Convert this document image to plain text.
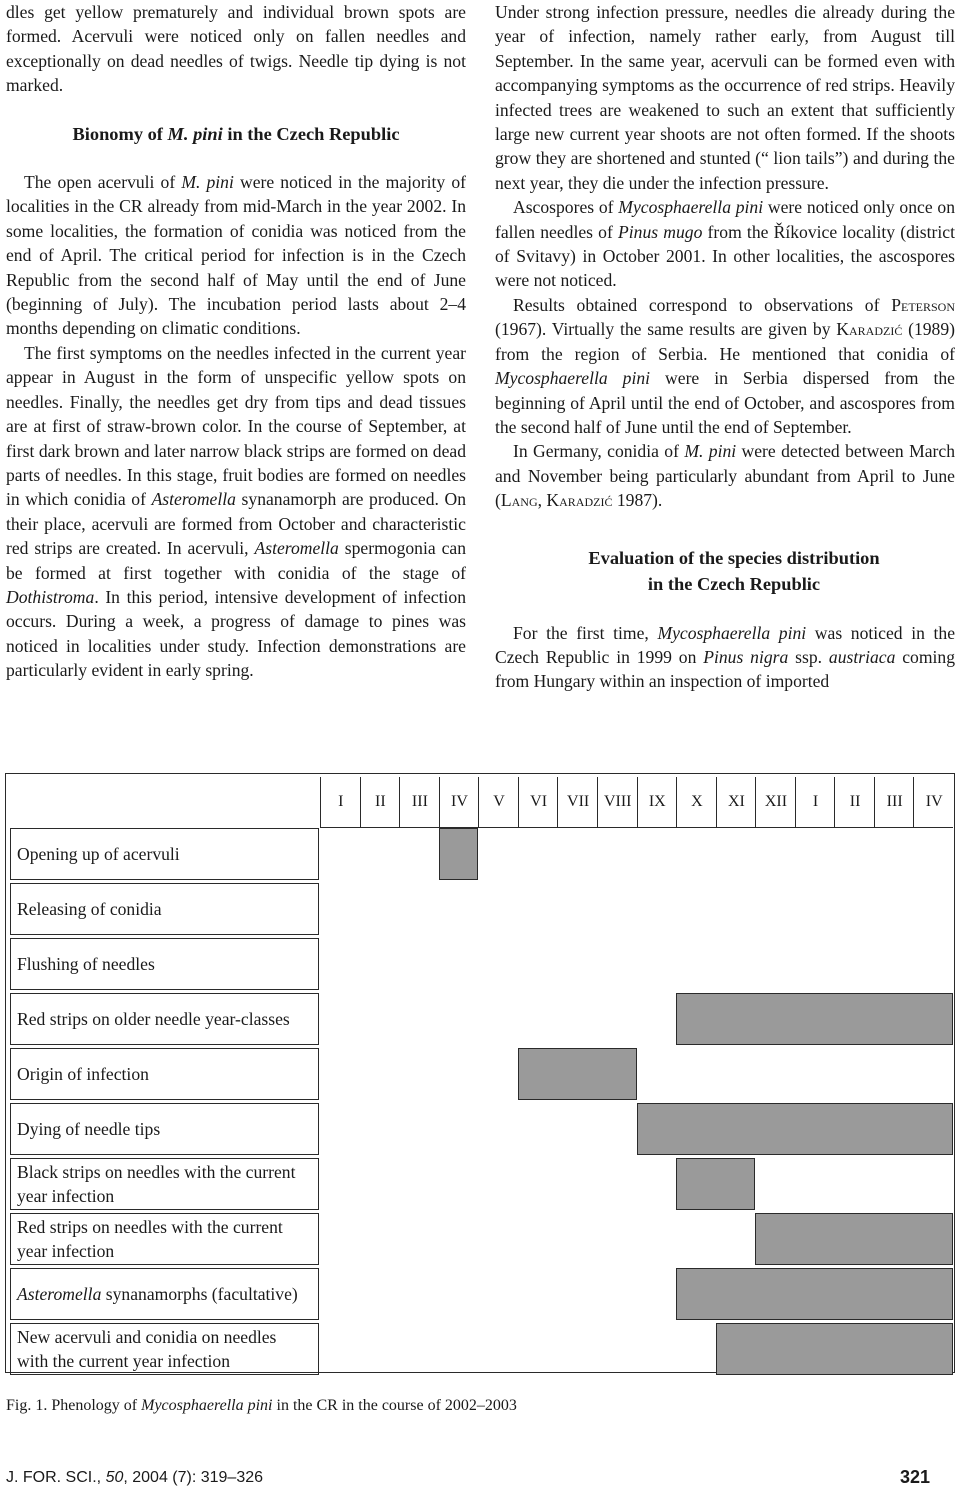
dles get yellow prematurely and individual brown spots are formed. Acervuli were noticed only on fallen needles and exceptionally on dead needles of twigs. Needle tip dying is not marked.

Bionomy of M. pini in the Czech Republic

The open acervuli of M. pini were noticed in the majority of localities in the CR already from mid-March in the year 2002. In some localities, the formation of conidia was noticed from the end of April. The critical period for infection is in the Czech Republic from the second half of May until the end of June (beginning of July). The incubation period lasts about 2–4 months depending on climatic conditions.

The first symptoms on the needles infected in the current year appear in August in the form of unspecific yellow spots on needles. Finally, the needles get dry from tips and dead tissues are at first of straw-brown color. In the course of September, at first dark brown and later narrow black strips are formed on dead parts of needles. In this stage, fruit bodies are formed on needles in which conidia of Asteromella synanamorph are produced. On their place, acervuli are formed from October and characteristic red strips are created. In acervuli, Asteromella spermogonia can be formed at first together with conidia of the stage of Dothistroma. In this period, intensive development of infection occurs. During a week, a progress of damage to pines was noticed in localities under study. Infection demonstrations are particularly evident in early spring.

Under strong infection pressure, needles die already during the year of infection, namely rather early, from August till September. In the same year, acervuli can be formed even with accompanying symptoms as the occurrence of red strips. Heavily infected trees are weakened to such an extent that sufficiently large new current year shoots are not often formed. If the shoots grow they are shortened and stunted (“ lion tails”) and during the next year, they die under the infection pressure.

Ascospores of Mycosphaerella pini were noticed only once on fallen needles of Pinus mugo from the Říkovice locality (district of Svitavy) in October 2001. In other localities, the ascospores were not noticed.

Results obtained correspond to observations of Peterson (1967). Virtually the same results are given by Karadzić (1989) from the region of Serbia. He mentioned that conidia of Mycosphaerella pini were in Serbia dispersed from the beginning of April until the end of October, and ascospores from the second half of June until the end of September.

In Germany, conidia of M. pini were detected between March and November being particularly abundant from April to June (Lang, Karadzić 1987).

Evaluation of the species distribution

in the Czech Republic

For the first time, Mycosphaerella pini was noticed in the Czech Republic in 1999 on Pinus nigra ssp. austriaca coming from Hungary within an inspection of imported

I	II	III	IV	V	VI	VII VIII	IX	X	XI	XII	I	II	III	IV
Opening up of acervuli
Releasing of conidia
Flushing of needles
Red strips on older needle year-classes
Origin of infection
Dying of needle tips
Black strips on needles with the current year infection
Red strips on needles with the current year infection
Asteromella synanamorphs (facultative)
New acervuli and conidia on needles with the current year infection
Fig. 1. Phenology of Mycosphaerella pini in the CR in the course of 2002–2003
J. FOR. SCI., 50, 2004 (7): 319–326	321
